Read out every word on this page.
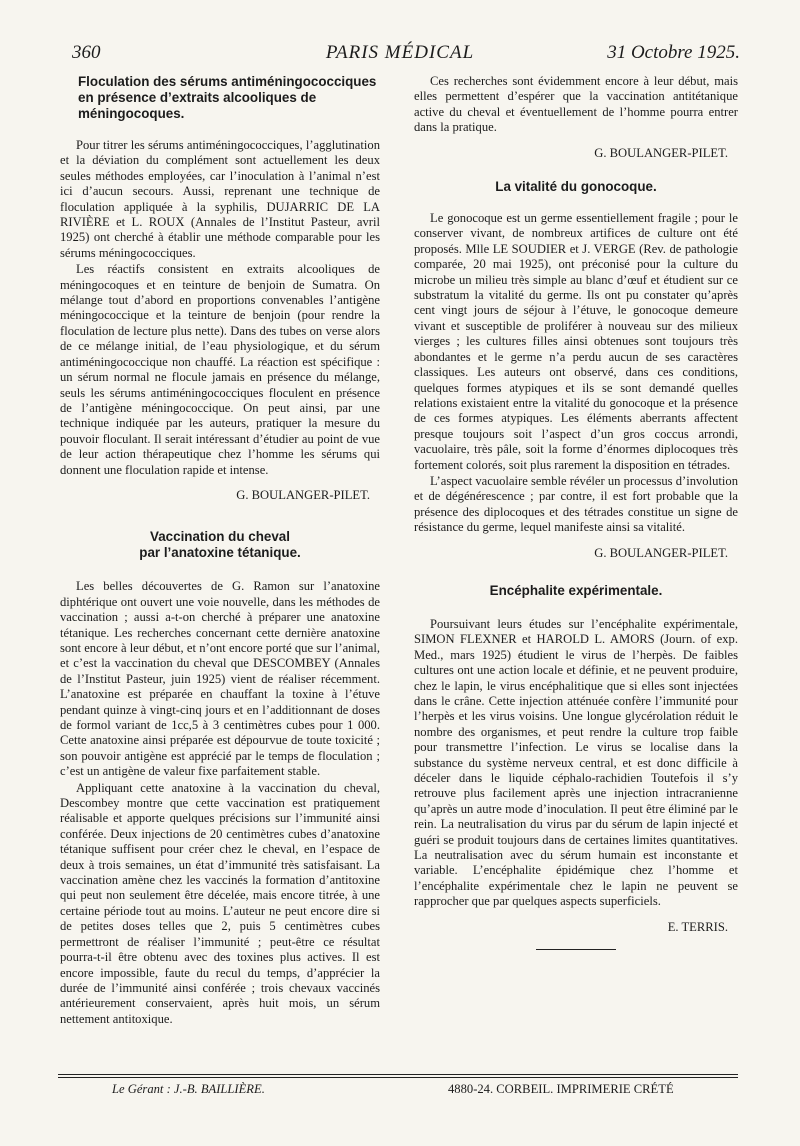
360	PARIS MÉDICAL	31 Octobre 1925.
Floculation des sérums antiméningococciques en présence d’extraits alcooliques de méningocoques.

Pour titrer les sérums antiméningococciques, l’agglutination et la déviation du complément sont actuellement les deux seules méthodes employées, car l’inoculation à l’animal n’est ici d’aucun secours. Aussi, reprenant une technique de floculation appliquée à la syphilis, DUJARRIC DE LA RIVIÈRE et L. ROUX (Annales de l’Institut Pasteur, avril 1925) ont cherché à établir une méthode comparable pour les sérums méningococciques.

Les réactifs consistent en extraits alcooliques de méningocoques et en teinture de benjoin de Sumatra. On mélange tout d’abord en proportions convenables l’antigène méningococcique et la teinture de benjoin (pour rendre la floculation de lecture plus nette). Dans des tubes on verse alors de ce mélange initial, de l’eau physiologique, et du sérum antiméningococcique non chauffé. La réaction est spécifique : un sérum normal ne flocule jamais en présence du mélange, seuls les sérums antiméningococciques floculent en présence de l’antigène méningococcique. On peut ainsi, par une technique indiquée par les auteurs, pratiquer la mesure du pouvoir floculant. Il serait intéressant d’étudier au point de vue de leur action thérapeutique chez l’homme les sérums qui donnent une floculation rapide et intense.

G. BOULANGER-PILET.
Vaccination du cheval
par l’anatoxine tétanique.

Les belles découvertes de G. Ramon sur l’anatoxine diphtérique ont ouvert une voie nouvelle, dans les méthodes de vaccination ; aussi a-t-on cherché à préparer une anatoxine tétanique. Les recherches concernant cette dernière anatoxine sont encore à leur début, et n’ont encore porté que sur l’animal, et c’est la vaccination du cheval que DESCOMBEY (Annales de l’Institut Pasteur, juin 1925) vient de réaliser récemment. L’anatoxine est préparée en chauffant la toxine à l’étuve pendant quinze à vingt-cinq jours et en l’additionnant de doses de formol variant de 1cc,5 à 3 centimètres cubes pour 1 000. Cette anatoxine ainsi préparée est dépourvue de toute toxicité ; son pouvoir antigène est apprécié par le temps de floculation ; c’est un antigène de valeur fixe parfaitement stable.

Appliquant cette anatoxine à la vaccination du cheval, Descombey montre que cette vaccination est pratiquement réalisable et apporte quelques précisions sur l’immunité ainsi conférée. Deux injections de 20 centimètres cubes d’anatoxine tétanique suffisent pour créer chez le cheval, en l’espace de deux à trois semaines, un état d’immunité très satisfaisant. La vaccination amène chez les vaccinés la formation d’antitoxine qui peut non seulement être décelée, mais encore titrée, à une certaine période tout au moins. L’auteur ne peut encore dire si de petites doses telles que 2, puis 5 centimètres cubes permettront de réaliser l’immunité ; peut-être ce résultat pourra-t-il être obtenu avec des toxines plus actives. Il est encore impossible, faute du recul du temps, d’apprécier la durée de l’immunité ainsi conférée ; trois chevaux vaccinés antérieurement conservaient, après huit mois, un sérum nettement antitoxique.

Ces recherches sont évidemment encore à leur début, mais elles permettent d’espérer que la vaccination antitétanique active du cheval et éventuellement de l’homme pourra entrer dans la pratique.

G. BOULANGER-PILET.
La vitalité du gonocoque.

Le gonocoque est un germe essentiellement fragile ; pour le conserver vivant, de nombreux artifices de culture ont été proposés. Mlle LE SOUDIER et J. VERGE (Rev. de pathologie comparée, 20 mai 1925), ont préconisé pour la culture du microbe un milieu très simple au blanc d’œuf et étudient sur ce substratum la vitalité du germe. Ils ont pu constater qu’après cent vingt jours de séjour à l’étuve, le gonocoque demeure vivant et susceptible de proliférer à nouveau sur des milieux vierges ; les cultures filles ainsi obtenues sont toujours très abondantes et le germe n’a perdu aucun de ses caractères classiques. Les auteurs ont observé, dans ces conditions, quelques formes atypiques et ils se sont demandé quelles relations existaient entre la vitalité du gonocoque et la présence de ces formes atypiques. Les éléments aberrants affectent presque toujours soit l’aspect d’un gros coccus arrondi, vacuolaire, très pâle, soit la forme d’énormes diplocoques très fortement colorés, soit plus rarement la disposition en tétrades.

L’aspect vacuolaire semble révéler un processus d’involution et de dégénérescence ; par contre, il est fort probable que la présence des diplocoques et des tétrades constitue un signe de résistance du germe, lequel manifeste ainsi sa vitalité.

G. BOULANGER-PILET.
Encéphalite expérimentale.

Poursuivant leurs études sur l’encéphalite expérimentale, SIMON FLEXNER et HAROLD L. AMORS (Journ. of exp. Med., mars 1925) étudient le virus de l’herpès. De faibles cultures ont une action locale et définie, et ne peuvent produire, chez le lapin, le virus encéphalitique que si elles sont injectées dans le crâne. Cette injection atténuée confère l’immunité pour l’herpès et les virus voisins. Une longue glycérolation réduit le nombre des organismes, et peut rendre la culture trop faible pour transmettre l’infection. Le virus se localise dans la substance du système nerveux central, et est donc difficile à déceler dans le liquide céphalo-rachidien Toutefois il s’y retrouve plus facilement après une injection intracranienne qu’après un autre mode d’inoculation. Il peut être éliminé par le rein. La neutralisation du virus par du sérum de lapin injecté et guéri se produit toujours dans de certaines limites quantitatives. La neutralisation avec du sérum humain est inconstante et variable. L’encéphalite épidémique chez l’homme et l’encéphalite expérimentale chez le lapin ne peuvent se rapprocher que par quelques aspects superficiels.

E. TERRIS.
Le Gérant : J.-B. BAILLIÈRE.	4880-24. CORBEIL. IMPRIMERIE CRÉTÉ
